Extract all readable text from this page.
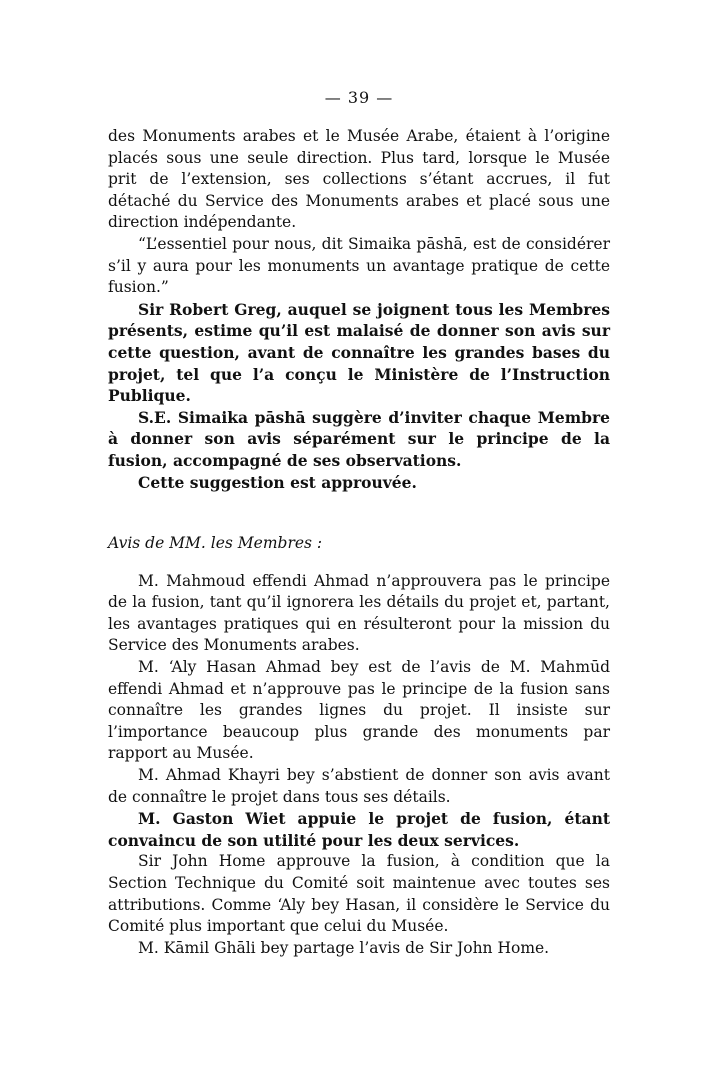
— 39 —

des Monuments arabes et le Musée Arabe, étaient à l’origine placés sous une seule direction. Plus tard, lorsque le Musée prit de l’extension, ses collections s’étant accrues, il fut détaché du Service des Monuments arabes et placé sous une direction indépendante.

“L’essentiel pour nous, dit Simaika pāshā, est de considérer s’il y aura pour les monuments un avantage pratique de cette fusion.”

Sir Robert Greg, auquel se joignent tous les Membres présents, estime qu’il est malaisé de donner son avis sur cette question, avant de connaître les grandes bases du projet, tel que l’a conçu le Ministère de l’Instruction Publique.

S.E. Simaika pāshā suggère d’inviter chaque Membre à donner son avis séparément sur le principe de la fusion, accompagné de ses observations.

Cette suggestion est approuvée.

Avis de MM. les Membres :

M. Mahmoud effendi Ahmad n’approuvera pas le principe de la fusion, tant qu’il ignorera les détails du projet et, partant, les avantages pratiques qui en résulteront pour la mission du Service des Monuments arabes.

M. ‘Aly Hasan Ahmad bey est de l’avis de M. Mahmūd effendi Ahmad et n’approuve pas le principe de la fusion sans connaître les grandes lignes du projet. Il insiste sur l’importance beaucoup plus grande des monuments par rapport au Musée.

M. Ahmad Khayri bey s’abstient de donner son avis avant de connaître le projet dans tous ses détails.

M. Gaston Wiet appuie le projet de fusion, étant convaincu de son utilité pour les deux services.

Sir John Home approuve la fusion, à condition que la Section Technique du Comité soit maintenue avec toutes ses attributions. Comme ‘Aly bey Hasan, il considère le Service du Comité plus important que celui du Musée.

M. Kāmil Ghāli bey partage l’avis de Sir John Home.
